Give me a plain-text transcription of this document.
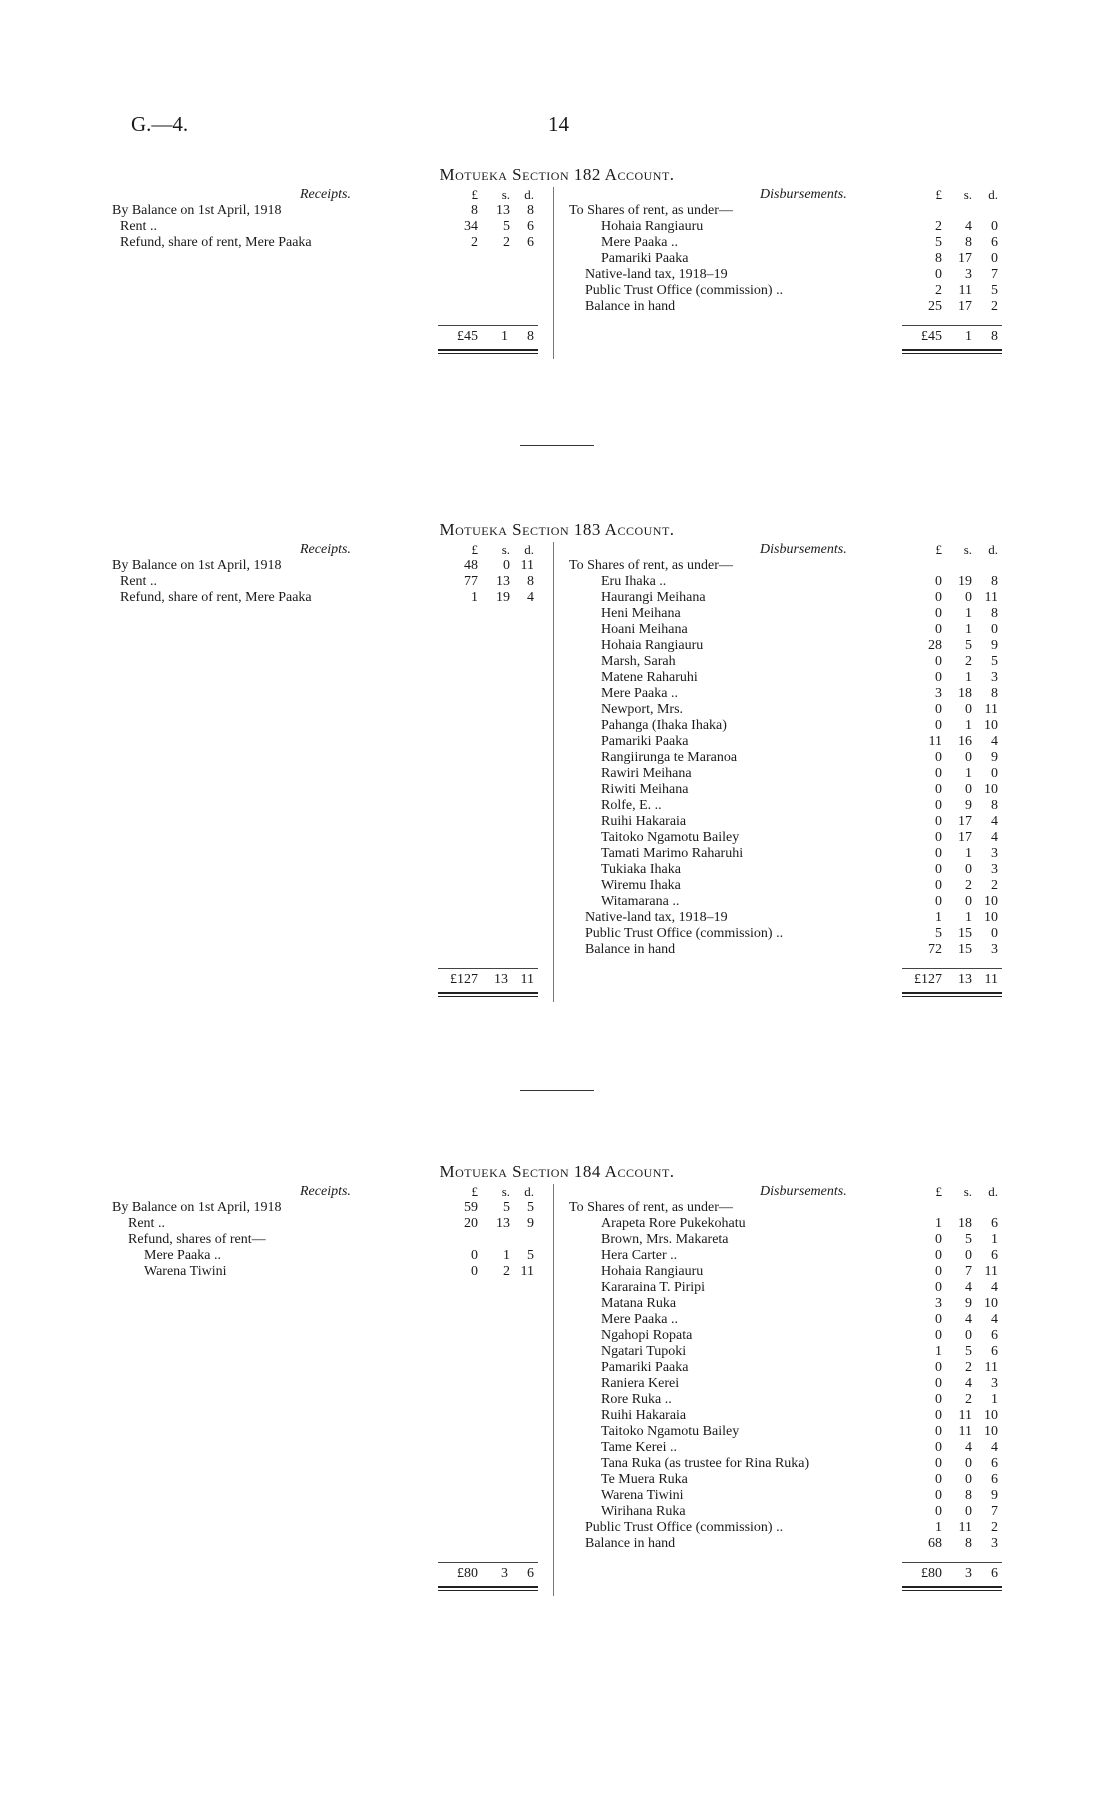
G.—4.	14
Motueka Section 182 Account.
Receipts.	Disbursements.
£	s.	d.	£	s.	d.
By Balance on 1st April, 1918	8	13	8
Rent ..	34	5	6
Refund, share of rent, Mere Paaka	2	2	6
To Shares of rent, as under—
Hohaia Rangiauru	2	4	0
Mere Paaka ..	5	8	6
Pamariki Paaka	8	17	0
Native-land tax, 1918–19	0	3	7
Public Trust Office (commission) ..	2	11	5
Balance in hand	25	17	2
£45	1	8	£45	1	8
Motueka Section 183 Account.
Receipts.	Disbursements.
£	s.	d.	£	s.	d.
By Balance on 1st April, 1918	48	0 11
Rent ..	77	13	8
Refund, share of rent, Mere Paaka	1	19	4
To Shares of rent, as under—
Eru Ihaka ..	0	19	8
Haurangi Meihana	0	0 11
Heni Meihana	0	1	8
Hoani Meihana	0	1	0
Hohaia Rangiauru	28	5	9
Marsh, Sarah	0	2	5
Matene Raharuhi	0	1	3
Mere Paaka ..	3	18	8
Newport, Mrs.	0	0 11
Pahanga (Ihaka Ihaka)	0	1 10
Pamariki Paaka	11	16	4
Rangiirunga te Maranoa	0	0	9
Rawiri Meihana	0	1	0
Riwiti Meihana	0	0 10
Rolfe, E. ..	0	9	8
Ruihi Hakaraia	0	17	4
Taitoko Ngamotu Bailey	0	17	4
Tamati Marimo Raharuhi	0	1	3
Tukiaka Ihaka	0	0	3
Wiremu Ihaka	0	2	2
Witamarana ..	0	0 10
Native-land tax, 1918–19	1	1 10
Public Trust Office (commission) ..	5	15	0
Balance in hand	72	15	3
£127	13 11	£127	13 11
Motueka Section 184 Account.
Receipts.	Disbursements.
£	s.	d.	£	s.	d.
By Balance on 1st April, 1918	59	5	5
Rent ..	20	13	9
Refund, shares of rent—
Mere Paaka ..	0	1	5
Warena Tiwini	0	2 11
To Shares of rent, as under—
Arapeta Rore Pukekohatu	1	18	6
Brown, Mrs. Makareta	0	5	1
Hera Carter ..	0	0	6
Hohaia Rangiauru	0	7 11
Kararaina T. Piripi	0	4	4
Matana Ruka	3	9 10
Mere Paaka ..	0	4	4
Ngahopi Ropata	0	0	6
Ngatari Tupoki	1	5	6
Pamariki Paaka	0	2 11
Raniera Kerei	0	4	3
Rore Ruka ..	0	2	1
Ruihi Hakaraia	0	11 10
Taitoko Ngamotu Bailey	0	11 10
Tame Kerei ..	0	4	4
Tana Ruka (as trustee for Rina Ruka)	0	0	6
Te Muera Ruka	0	0	6
Warena Tiwini	0	8	9
Wirihana Ruka	0	0	7
Public Trust Office (commission) ..	1	11	2
Balance in hand	68	8	3
£80	3	6	£80	3	6
